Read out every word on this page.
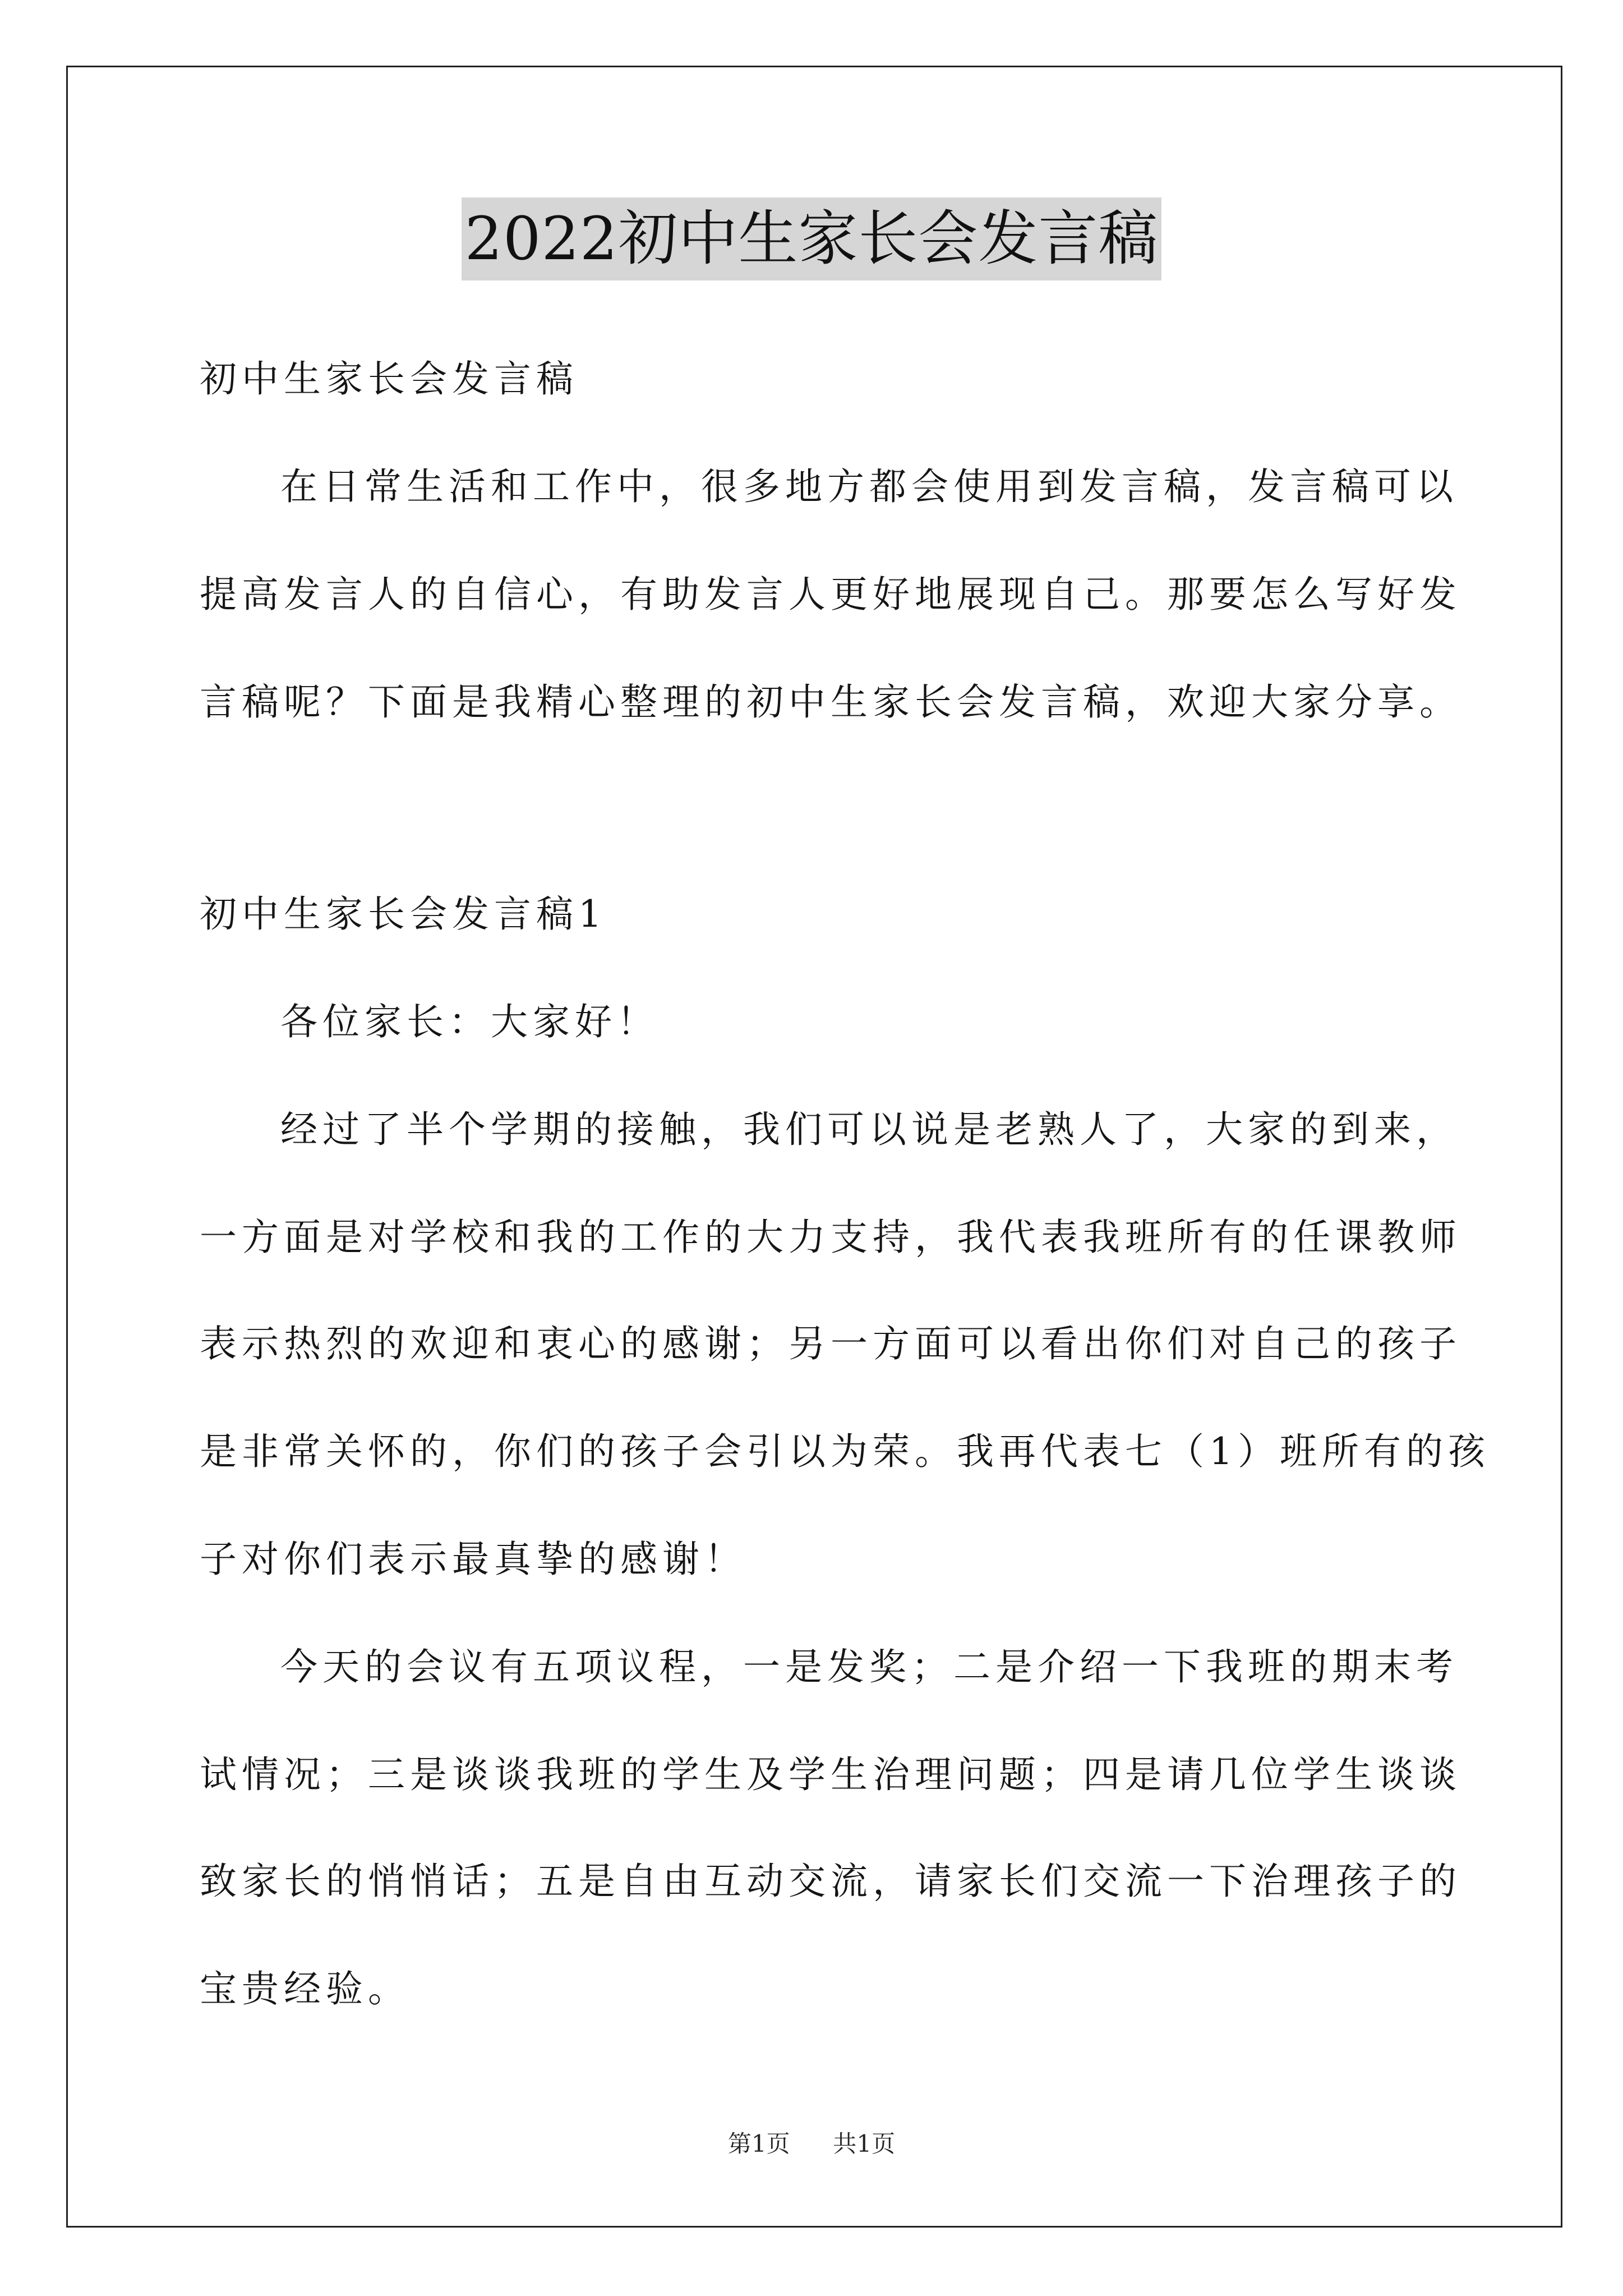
2022初中生家长会发言稿
初中生家长会发言稿
在日常生活和工作中，很多地方都会使用到发言稿，发言稿可以
提高发言人的自信心，有助发言人更好地展现自己。那要怎么写好发
言稿呢？下面是我精心整理的初中生家长会发言稿，欢迎大家分享。
初中生家长会发言稿1
各位家长：大家好！
经过了半个学期的接触，我们可以说是老熟人了，大家的到来，
一方面是对学校和我的工作的大力支持，我代表我班所有的任课教师
表示热烈的欢迎和衷心的感谢；另一方面可以看出你们对自己的孩子
是非常关怀的，你们的孩子会引以为荣。我再代表七（1）班所有的孩
子对你们表示最真挚的感谢！
今天的会议有五项议程，一是发奖；二是介绍一下我班的期末考
试情况；三是谈谈我班的学生及学生治理问题；四是请几位学生谈谈
致家长的悄悄话；五是自由互动交流，请家长们交流一下治理孩子的
宝贵经验。
第1页 共1页
